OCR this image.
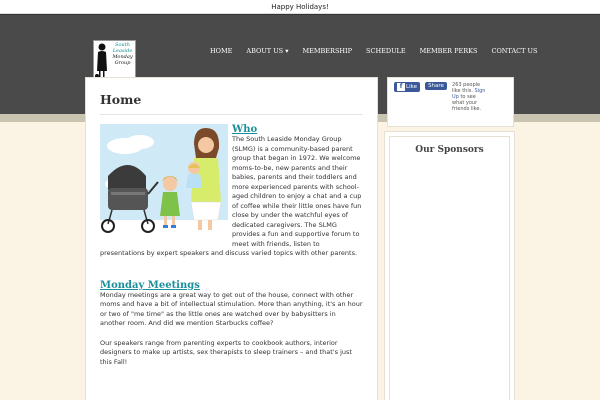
Happy Holidays!
South
Leaside
Monday
Group
HOME ABOUT US ▾ MEMBERSHIP SCHEDULE MEMBER PERKS CONTACT US
Home
Who

The South Leaside Monday Group (SLMG) is a community-based parent group that began in 1972. We welcome moms-to-be, new parents and their babies, parents and their toddlers and more experienced parents with school-aged children to enjoy a chat and a cup of coffee while their little ones have fun close by under the watchful eyes of dedicated caregivers. The SLMG provides a fun and supportive forum to meet with friends, listen to presentations by expert speakers and discuss varied topics with other parents.

Monday Meetings

Monday meetings are a great way to get out of the house, connect with other moms and have a bit of intellectual stimulation. More than anything, it's an hour or two of "me time" as the little ones are watched over by babysitters in another room. And did we mention Starbucks coffee?

Our speakers range from parenting experts to cookbook authors, interior designers to make up artists, sex therapists to sleep trainers – and that's just this Fall!

f Like Share 263 people like this. Sign Up to see what your friends like.
Our Sponsors
